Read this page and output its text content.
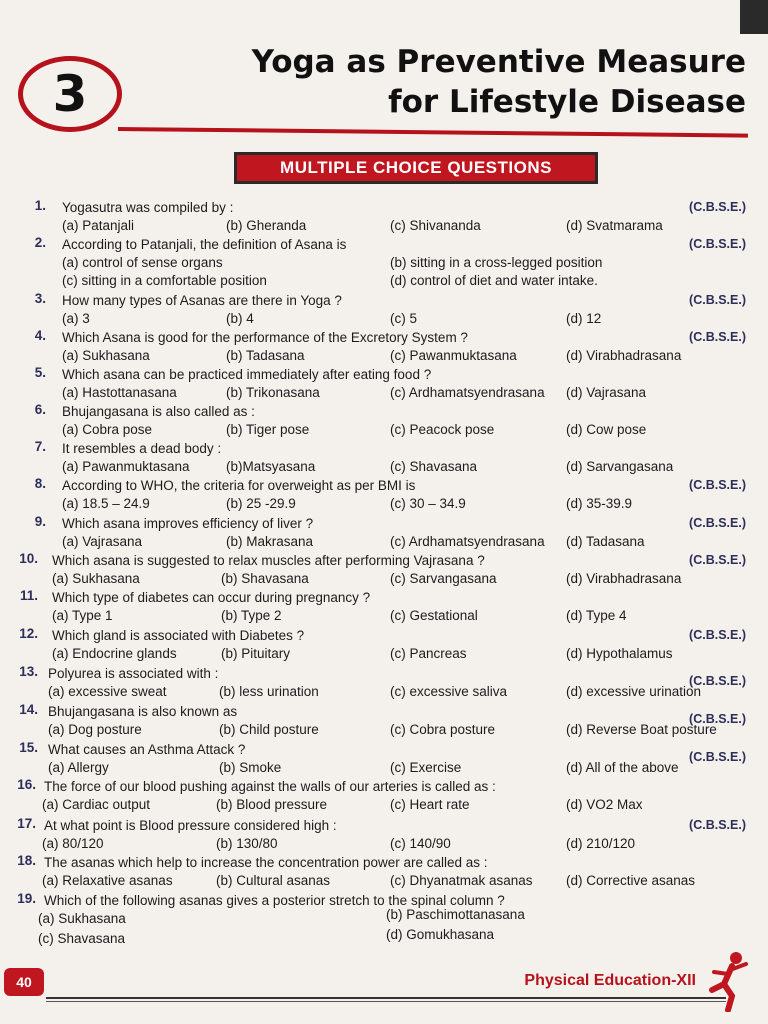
3
Yoga as Preventive Measure
for Lifestyle Disease
MULTIPLE CHOICE QUESTIONS
1. Yogasutra was compiled by :	(C.B.S.E.)
(a) Patanjali	(b) Gheranda	(c) Shivananda	(d) Svatmarama
2. According to Patanjali, the definition of Asana is	(C.B.S.E.)
(a) control of sense organs	(b) sitting in a cross-legged position
(c) sitting in a comfortable position	(d) control of diet and water intake.
3. How many types of Asanas are there in Yoga ?	(C.B.S.E.)
(a) 3	(b) 4	(c) 5	(d) 12
4. Which Asana is good for the performance of the Excretory System ?	(C.B.S.E.)
(a) Sukhasana	(b) Tadasana	(c) Pawanmuktasana	(d) Virabhadrasana
5. Which asana can be practiced immediately after eating food ?
(a) Hastottanasana	(b) Trikonasana	(c) Ardhamatsyendrasana (d) Vajrasana
6. Bhujangasana is also called as :
(a) Cobra pose	(b) Tiger pose	(c) Peacock pose	(d) Cow pose
7. It resembles a dead body :
(a) Pawanmuktasana	(b)Matsyasana	(c) Shavasana	(d) Sarvangasana
8. According to WHO, the criteria for overweight as per BMI is	(C.B.S.E.)
(a) 18.5 – 24.9	(b) 25 -29.9	(c) 30 – 34.9	(d) 35-39.9
9. Which asana improves efficiency of liver ?	(C.B.S.E.)
(a) Vajrasana	(b) Makrasana	(c) Ardhamatsyendrasana (d) Tadasana
10. Which asana is suggested to relax muscles after performing Vajrasana ?	(C.B.S.E.)
(a) Sukhasana	(b) Shavasana	(c) Sarvangasana	(d) Virabhadrasana
11. Which type of diabetes can occur during pregnancy ?
(a) Type 1	(b) Type 2	(c) Gestational	(d) Type 4
12. Which gland is associated with Diabetes ?	(C.B.S.E.)
(a) Endocrine glands	(b) Pituitary	(c) Pancreas	(d) Hypothalamus
13. Polyurea is associated with :	(C.B.S.E.)
(a) excessive sweat	(b) less urination	(c) excessive saliva	(d) excessive urination
14. Bhujangasana is also known as	(C.B.S.E.)
(a) Dog posture	(b) Child posture	(c) Cobra posture	(d) Reverse Boat posture
15. What causes an Asthma Attack ?	(C.B.S.E.)
(a) Allergy	(b) Smoke	(c) Exercise	(d) All of the above
16. The force of our blood pushing against the walls of our arteries is called as :
(a) Cardiac output	(b) Blood pressure	(c) Heart rate	(d) VO2 Max
17. At what point is Blood pressure considered high :	(C.B.S.E.)
(a) 80/120	(b) 130/80	(c) 140/90	(d) 210/120
18. The asanas which help to increase the concentration power are called as :
(a) Relaxative asanas	(b) Cultural asanas	(c) Dhyanatmak asanas (d) Corrective asanas
19. Which of the following asanas gives a posterior stretch to the spinal column ?
(a) Sukhasana	(b) Paschimottanasana
(c) Shavasana	(d) Gomukhasana
40	Physical Education-XII
